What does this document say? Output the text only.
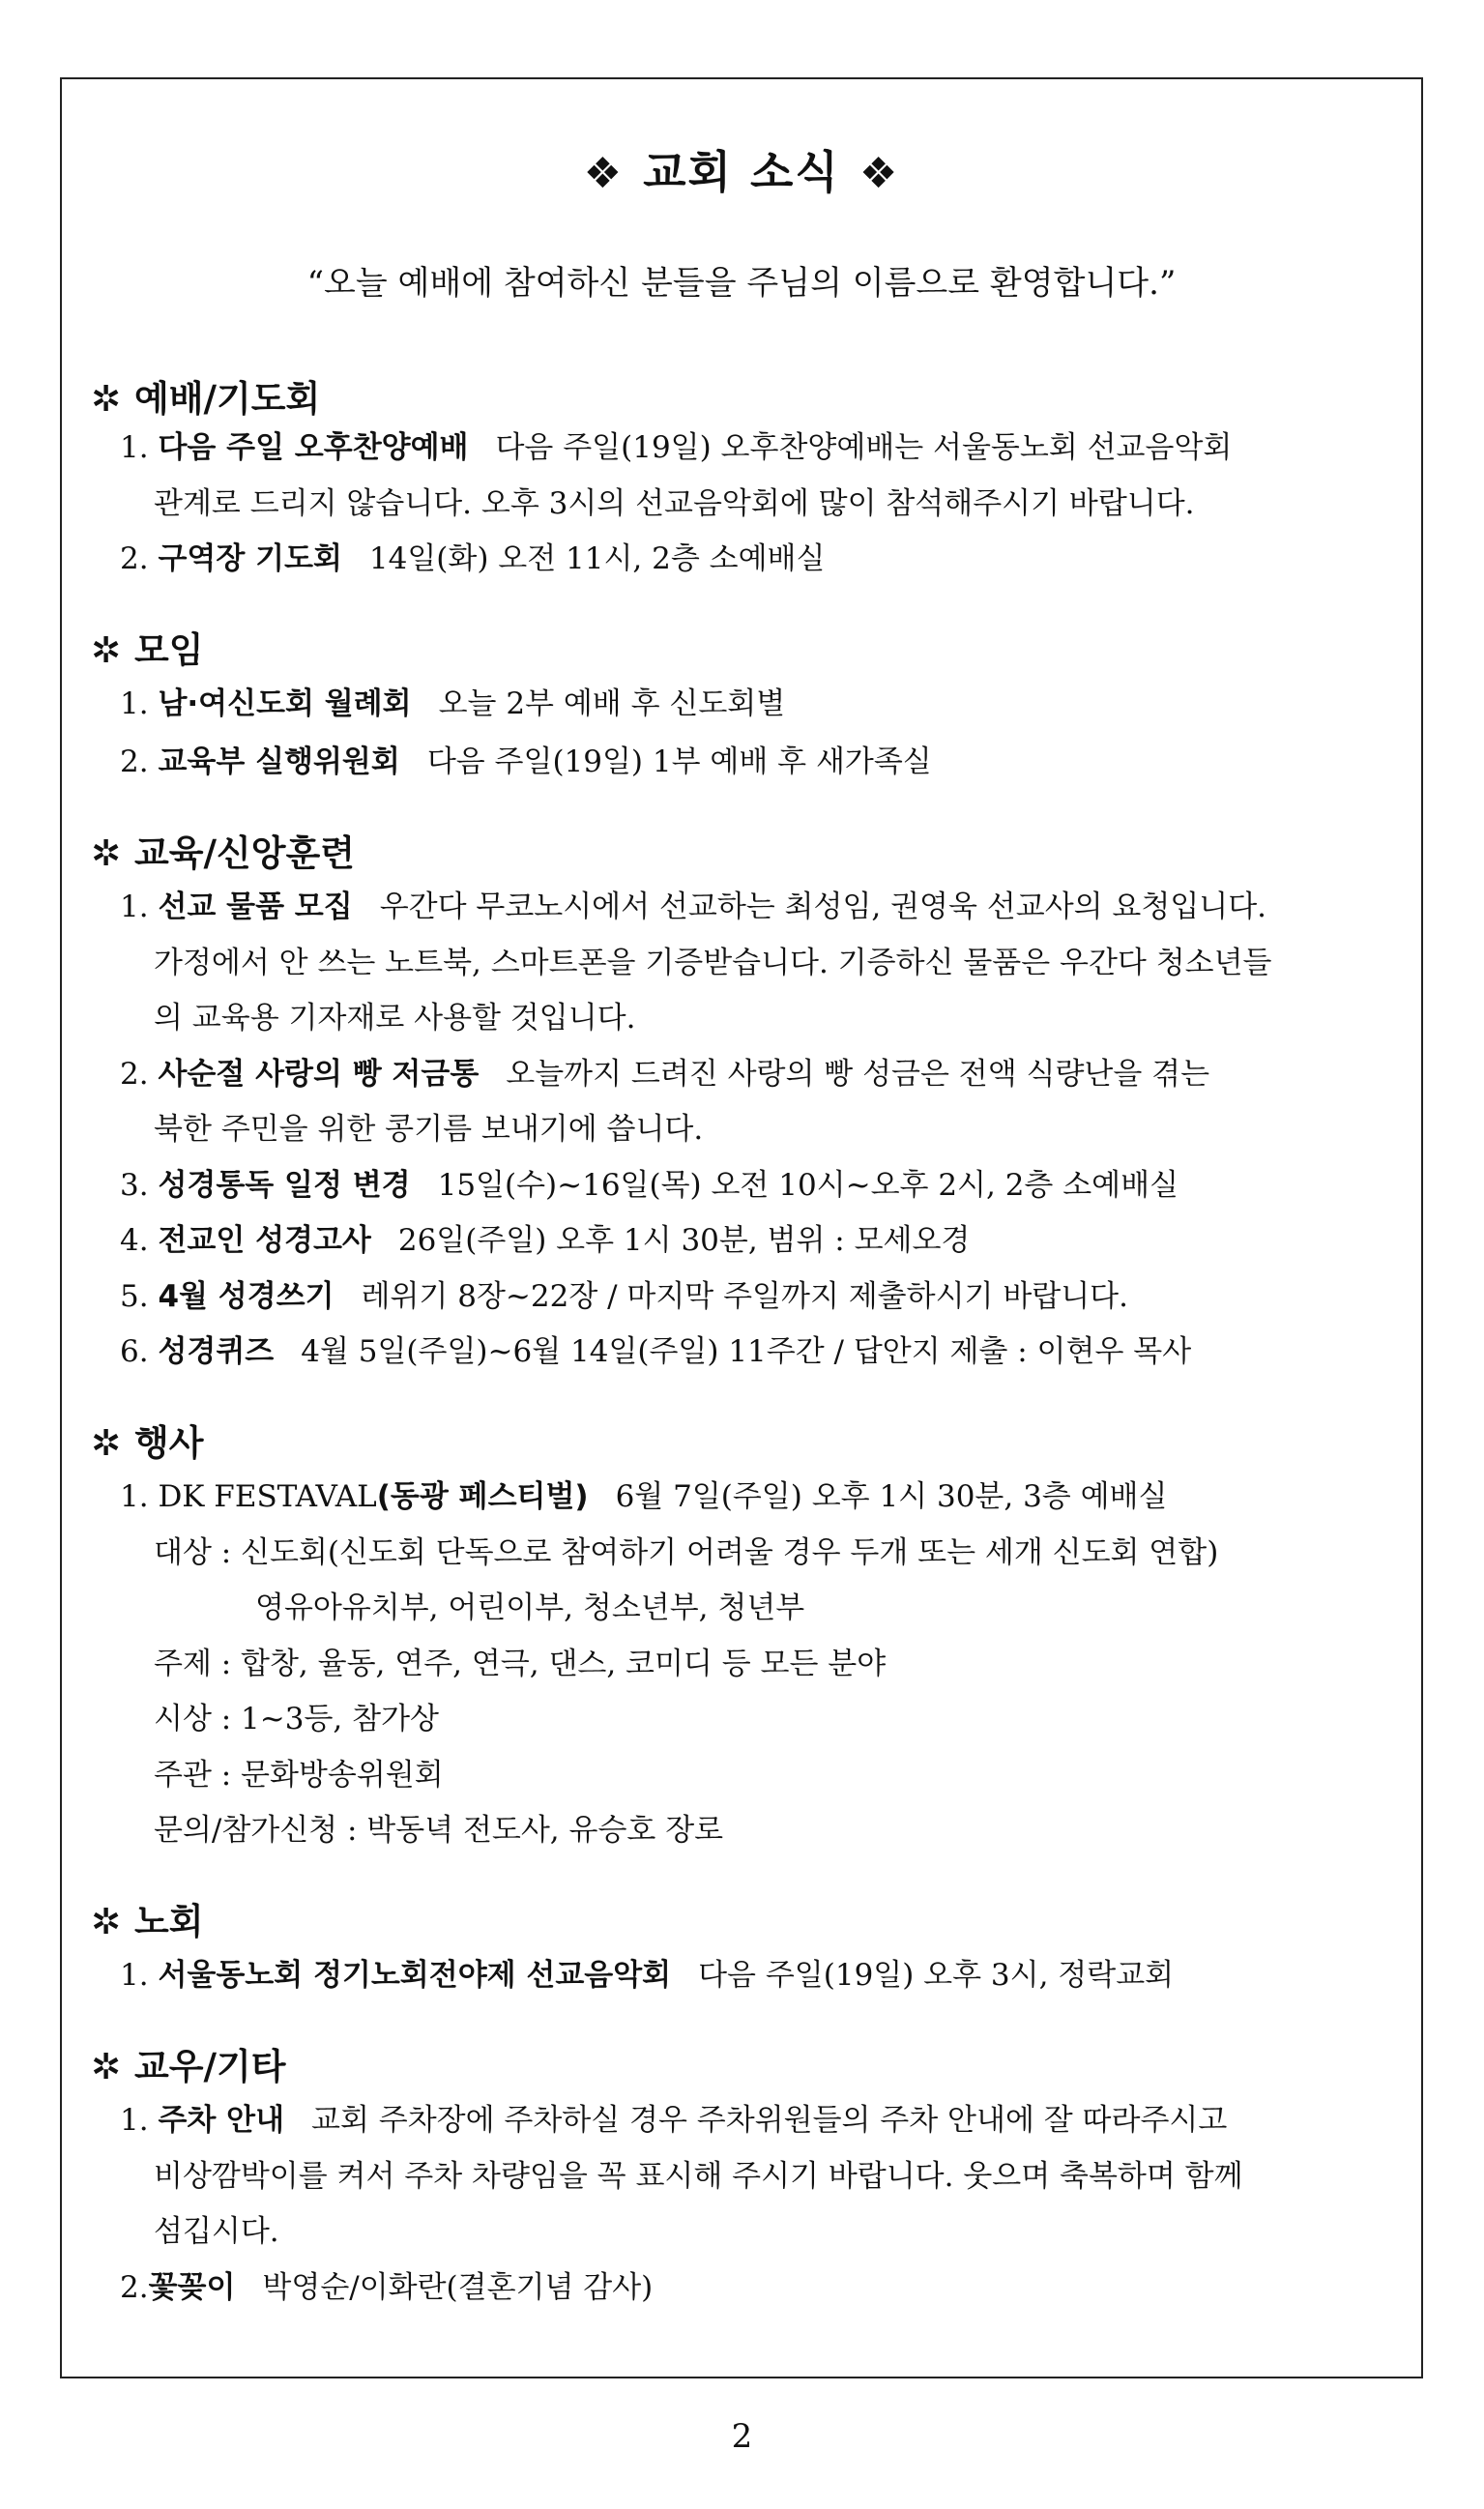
❖ 교회 소식 ❖
“오늘 예배에 참여하신 분들을 주님의 이름으로 환영합니다.”
✲ 예배/기도회
1. 다음 주일 오후찬양예배 다음 주일(19일) 오후찬양예배는 서울동노회 선교음악회
관계로 드리지 않습니다. 오후 3시의 선교음악회에 많이 참석해주시기 바랍니다.
2. 구역장 기도회 14일(화) 오전 11시, 2층 소예배실
✲ 모임
1. 남·여신도회 월례회 오늘 2부 예배 후 신도회별
2. 교육부 실행위원회 다음 주일(19일) 1부 예배 후 새가족실
✲ 교육/신앙훈련
1. 선교 물품 모집 우간다 무코노시에서 선교하는 최성임, 권영욱 선교사의 요청입니다.
가정에서 안 쓰는 노트북, 스마트폰을 기증받습니다. 기증하신 물품은 우간다 청소년들
의 교육용 기자재로 사용할 것입니다.
2. 사순절 사랑의 빵 저금통 오늘까지 드려진 사랑의 빵 성금은 전액 식량난을 겪는
북한 주민을 위한 콩기름 보내기에 씁니다.
3. 성경통독 일정 변경 15일(수)~16일(목) 오전 10시~오후 2시, 2층 소예배실
4. 전교인 성경고사 26일(주일) 오후 1시 30분, 범위 : 모세오경
5. 4월 성경쓰기 레위기 8장~22장 / 마지막 주일까지 제출하시기 바랍니다.
6. 성경퀴즈 4월 5일(주일)~6월 14일(주일) 11주간 / 답안지 제출 : 이현우 목사
✲ 행사
1. DK FESTAVAL(동광 페스티벌) 6월 7일(주일) 오후 1시 30분, 3층 예배실
대상 : 신도회(신도회 단독으로 참여하기 어려울 경우 두개 또는 세개 신도회 연합)
영유아유치부, 어린이부, 청소년부, 청년부
주제 : 합창, 율동, 연주, 연극, 댄스, 코미디 등 모든 분야
시상 : 1~3등, 참가상
주관 : 문화방송위원회
문의/참가신청 : 박동녁 전도사, 유승호 장로
✲ 노회
1. 서울동노회 정기노회전야제 선교음악회 다음 주일(19일) 오후 3시, 정락교회
✲ 교우/기타
1. 주차 안내 교회 주차장에 주차하실 경우 주차위원들의 주차 안내에 잘 따라주시고
비상깜박이를 켜서 주차 차량임을 꼭 표시해 주시기 바랍니다. 웃으며 축복하며 함께
섬깁시다.
2.꽃꽂이 박영순/이화란(결혼기념 감사)
2
